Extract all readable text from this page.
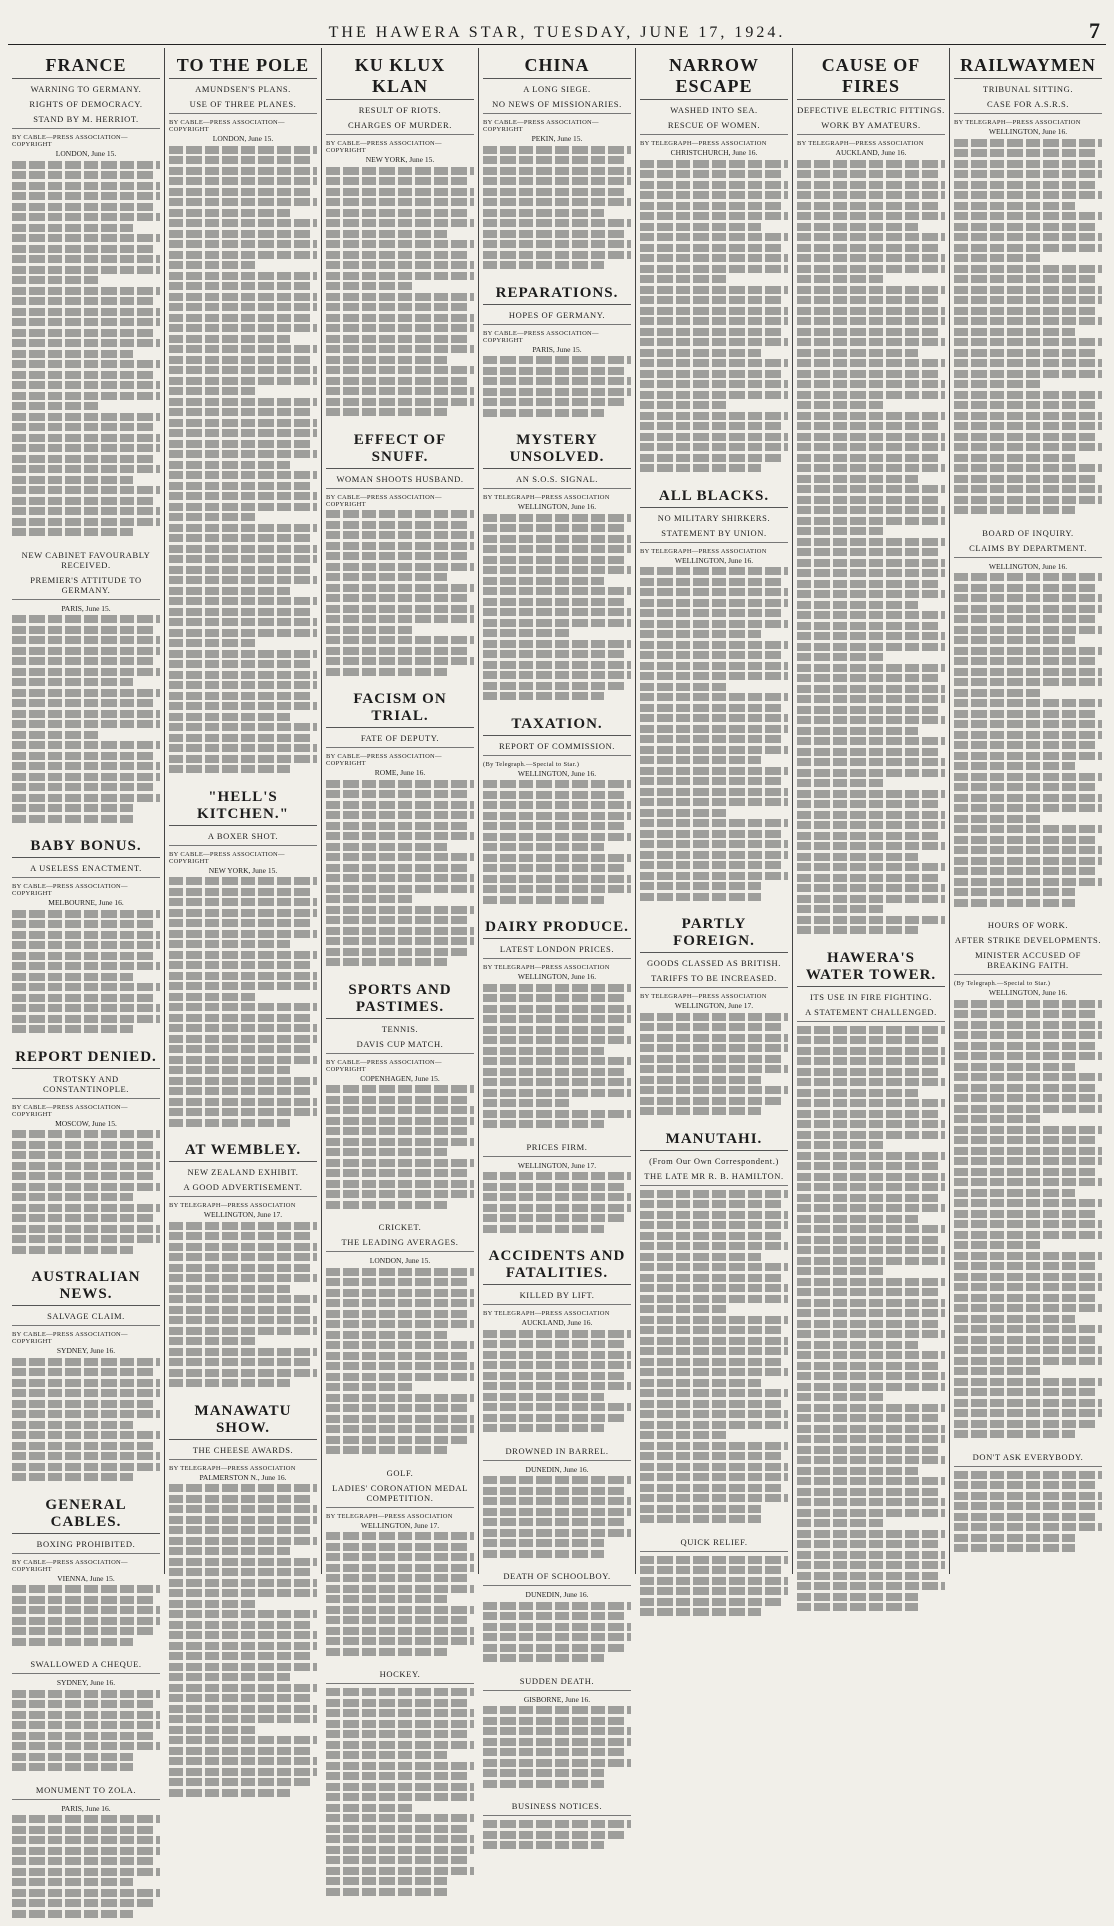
THE HAWERA STAR, TUESDAY, JUNE 17, 1924.	7
FRANCE
WARNING TO GERMANY.
RIGHTS OF DEMOCRACY.
STAND BY M. HERRIOT.
BY CABLE—PRESS ASSOCIATION—COPYRIGHT
LONDON, June 15.
NEW CABINET FAVOURABLY RECEIVED.
PREMIER'S ATTITUDE TO GERMANY.
PARIS, June 15.
BABY BONUS.
A USELESS ENACTMENT.
BY CABLE—PRESS ASSOCIATION—COPYRIGHT
MELBOURNE, June 16.
REPORT DENIED.
TROTSKY AND CONSTANTINOPLE.
BY CABLE—PRESS ASSOCIATION—COPYRIGHT
MOSCOW, June 15.
AUSTRALIAN NEWS.
SALVAGE CLAIM.
BY CABLE—PRESS ASSOCIATION—COPYRIGHT
SYDNEY, June 16.
GENERAL CABLES.
BOXING PROHIBITED.
BY CABLE—PRESS ASSOCIATION—COPYRIGHT
VIENNA, June 15.
SWALLOWED A CHEQUE.
SYDNEY, June 16.
MONUMENT TO ZOLA.
PARIS, June 16.
TO THE POLE
AMUNDSEN'S PLANS.
USE OF THREE PLANES.
BY CABLE—PRESS ASSOCIATION—COPYRIGHT
LONDON, June 15.
"HELL'S KITCHEN."
A BOXER SHOT.
BY CABLE—PRESS ASSOCIATION—COPYRIGHT
NEW YORK, June 15.
AT WEMBLEY.
NEW ZEALAND EXHIBIT.
A GOOD ADVERTISEMENT.
BY TELEGRAPH—PRESS ASSOCIATION
WELLINGTON, June 17.
MANAWATU SHOW.
THE CHEESE AWARDS.
BY TELEGRAPH—PRESS ASSOCIATION
PALMERSTON N., June 16.
KU KLUX KLAN
RESULT OF RIOTS.
CHARGES OF MURDER.
BY CABLE—PRESS ASSOCIATION—COPYRIGHT
NEW YORK, June 15.
EFFECT OF SNUFF.
WOMAN SHOOTS HUSBAND.
BY CABLE—PRESS ASSOCIATION—COPYRIGHT
FACISM ON TRIAL.
FATE OF DEPUTY.
BY CABLE—PRESS ASSOCIATION—COPYRIGHT
ROME, June 16.
SPORTS AND PASTIMES.
TENNIS.
DAVIS CUP MATCH.
BY CABLE—PRESS ASSOCIATION—COPYRIGHT
COPENHAGEN, June 15.
CRICKET.
THE LEADING AVERAGES.
LONDON, June 15.
GOLF.
LADIES' CORONATION MEDAL COMPETITION.
BY TELEGRAPH—PRESS ASSOCIATION
WELLINGTON, June 17.
HOCKEY.
CHINA
A LONG SIEGE.
NO NEWS OF MISSIONARIES.
BY CABLE—PRESS ASSOCIATION—COPYRIGHT
PEKIN, June 15.
REPARATIONS.
HOPES OF GERMANY.
BY CABLE—PRESS ASSOCIATION—COPYRIGHT
PARIS, June 15.
MYSTERY UNSOLVED.
AN S.O.S. SIGNAL.
BY TELEGRAPH—PRESS ASSOCIATION
WELLINGTON, June 16.
TAXATION.
REPORT OF COMMISSION.
(By Telegraph.—Special to Star.)
WELLINGTON, June 16.
DAIRY PRODUCE.
LATEST LONDON PRICES.
BY TELEGRAPH—PRESS ASSOCIATION
WELLINGTON, June 16.
PRICES FIRM.
WELLINGTON, June 17.
ACCIDENTS AND FATALITIES.
KILLED BY LIFT.
BY TELEGRAPH—PRESS ASSOCIATION
AUCKLAND, June 16.
DROWNED IN BARREL.
DUNEDIN, June 16.
DEATH OF SCHOOLBOY.
DUNEDIN, June 16.
SUDDEN DEATH.
GISBORNE, June 16.
BUSINESS NOTICES.
NARROW ESCAPE
WASHED INTO SEA.
RESCUE OF WOMEN.
BY TELEGRAPH—PRESS ASSOCIATION
CHRISTCHURCH, June 16.
ALL BLACKS.
NO MILITARY SHIRKERS.
STATEMENT BY UNION.
BY TELEGRAPH—PRESS ASSOCIATION
WELLINGTON, June 16.
PARTLY FOREIGN.
GOODS CLASSED AS BRITISH.
TARIFFS TO BE INCREASED.
BY TELEGRAPH—PRESS ASSOCIATION
WELLINGTON, June 17.
MANUTAHI.
(From Our Own Correspondent.)
THE LATE MR R. B. HAMILTON.
QUICK RELIEF.
CAUSE OF FIRES
DEFECTIVE ELECTRIC FITTINGS.
WORK BY AMATEURS.
BY TELEGRAPH—PRESS ASSOCIATION
AUCKLAND, June 16.
HAWERA'S WATER TOWER.
ITS USE IN FIRE FIGHTING.
A STATEMENT CHALLENGED.
RAILWAYMEN
TRIBUNAL SITTING.
CASE FOR A.S.R.S.
BY TELEGRAPH—PRESS ASSOCIATION
WELLINGTON, June 16.
BOARD OF INQUIRY.
CLAIMS BY DEPARTMENT.
WELLINGTON, June 16.
HOURS OF WORK.
AFTER STRIKE DEVELOPMENTS.
MINISTER ACCUSED OF BREAKING FAITH.
(By Telegraph.—Special to Star.)
WELLINGTON, June 16.
DON'T ASK EVERYBODY.
